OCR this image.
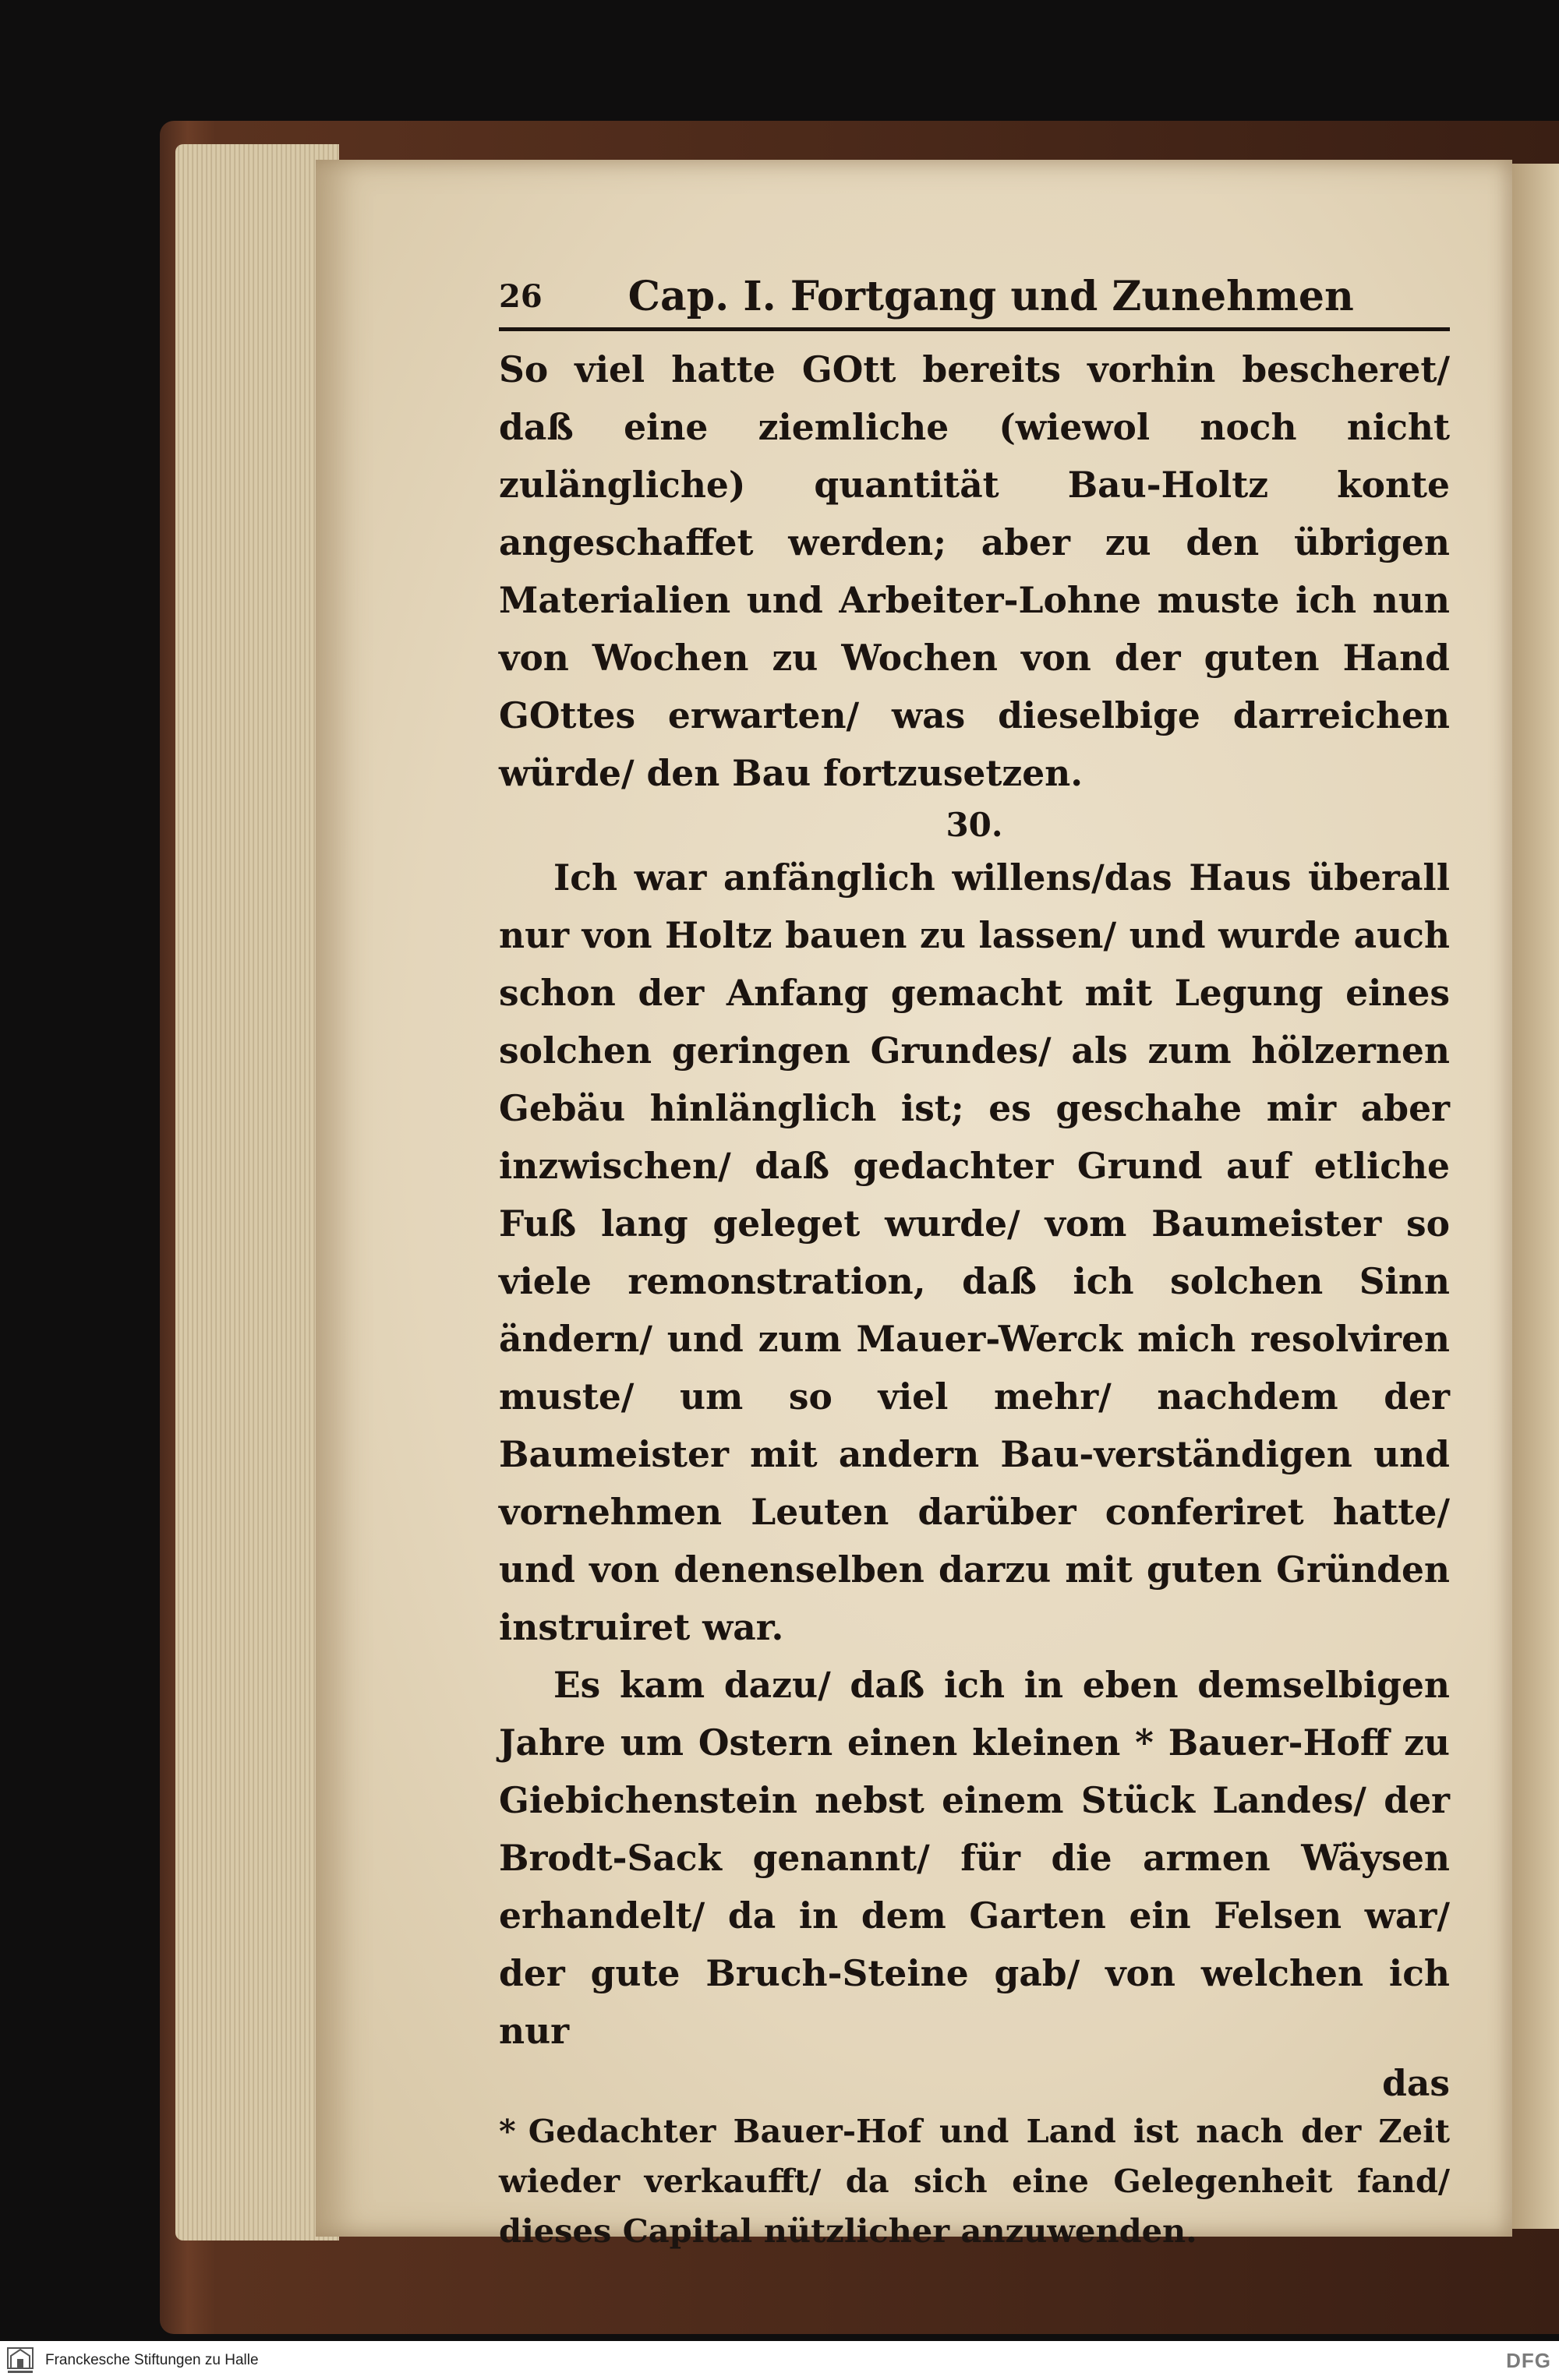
26 Cap. I. Fortgang und Zunehmen

So viel hatte GOtt bereits vorhin bescheret/ daß eine ziemliche (wiewol noch nicht zulängliche) quantität Bau-Holtz konte angeschaffet werden; aber zu den übrigen Materialien und Arbeiter-Lohne muste ich nun von Wochen zu Wochen von der guten Hand GOttes erwarten/ was dieselbige darreichen würde/ den Bau fortzusetzen.

30.

Ich war anfänglich willens/das Haus überall nur von Holtz bauen zu lassen/ und wurde auch schon der Anfang gemacht mit Legung eines solchen geringen Grundes/ als zum hölzernen Gebäu hinlänglich ist; es geschahe mir aber inzwischen/ daß gedachter Grund auf etliche Fuß lang geleget wurde/ vom Baumeister so viele remonstration, daß ich solchen Sinn ändern/ und zum Mauer-Werck mich resolviren muste/ um so viel mehr/ nachdem der Baumeister mit andern Bau-verständigen und vornehmen Leuten darüber conferiret hatte/ und von denenselben darzu mit guten Gründen instruiret war.

Es kam dazu/ daß ich in eben demselbigen Jahre um Ostern einen kleinen * Bauer-Hoff zu Giebichenstein nebst einem Stück Landes/ der Brodt-Sack genannt/ für die armen Wäysen erhandelt/ da in dem Garten ein Felsen war/ der gute Bruch-Steine gab/ von welchen ich nur

das

* Gedachter Bauer-Hof und Land ist nach der Zeit wieder verkaufft/ da sich eine Gelegenheit fand/ dieses Capital nützlicher anzuwenden.

Franckesche Stiftungen zu Halle	DFG
